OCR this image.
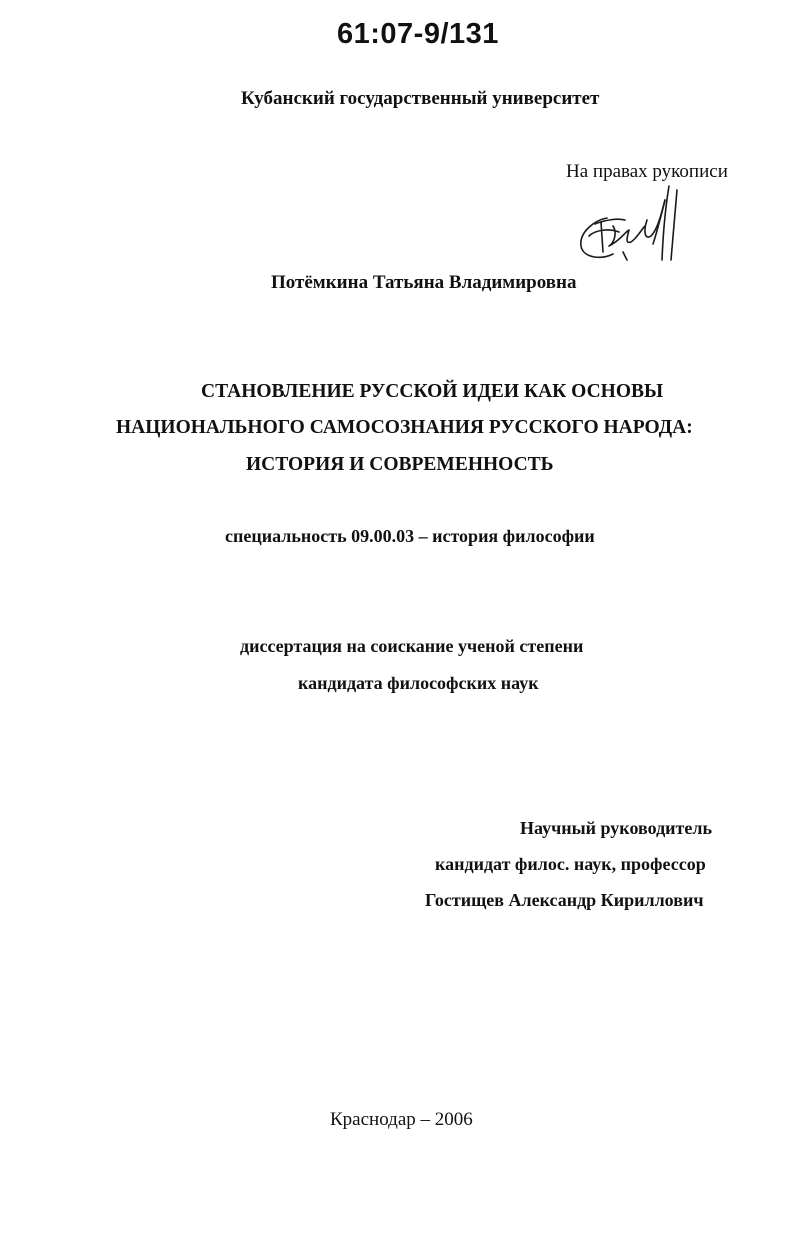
61:07-9/131
Кубанский государственный университет
На правах рукописи
Потёмкина Татьяна Владимировна
СТАНОВЛЕНИЕ РУССКОЙ ИДЕИ КАК ОСНОВЫ
НАЦИОНАЛЬНОГО САМОСОЗНАНИЯ РУССКОГО НАРОДА:
ИСТОРИЯ И СОВРЕМЕННОСТЬ
специальность 09.00.03 – история философии
диссертация на соискание ученой степени
кандидата философских наук
Научный руководитель
кандидат филос. наук, профессор
Гостищев Александр Кириллович
Краснодар – 2006
